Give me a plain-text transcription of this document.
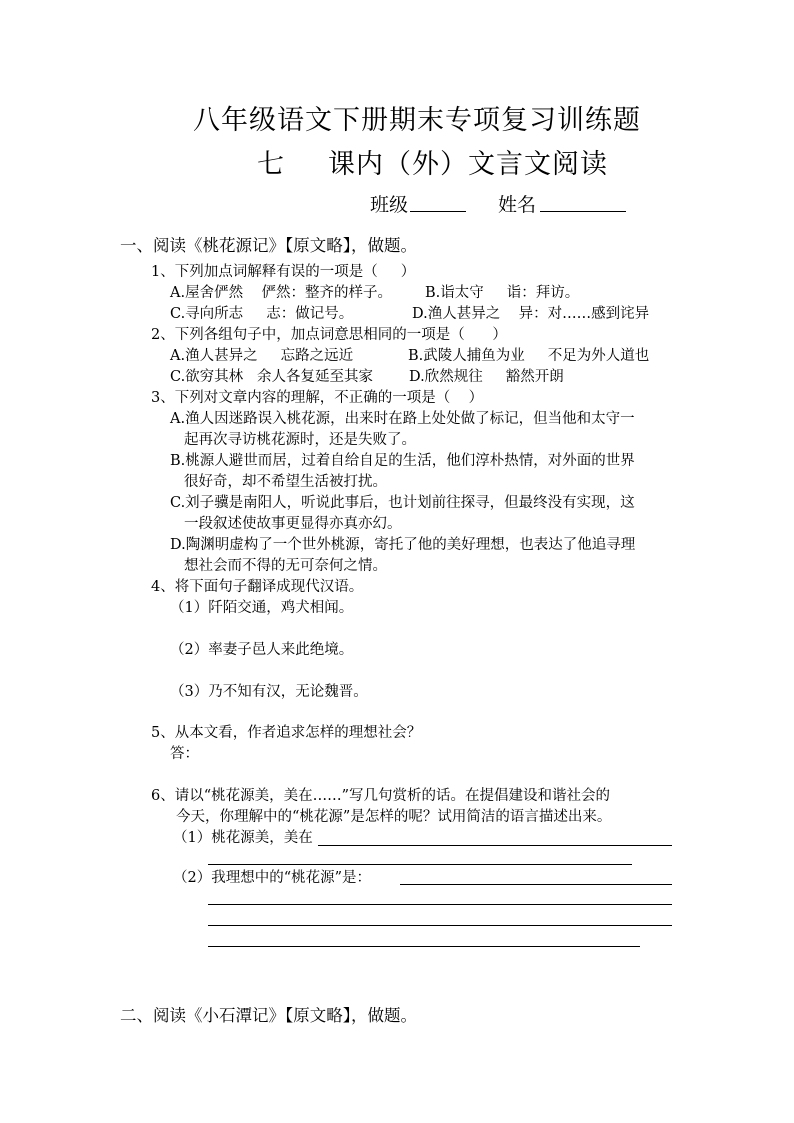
八年级语文下册期末专项复习训练题
七 课内（外）文言文阅读
班级	姓名
一、阅读《桃花源记》【原文略】，做题。
1、下列加点词解释有误的一项是（     ）
A.屋舍俨然    俨然：整齐的样子。 B.诣太守     诣：拜访。
C.寻向所志     志：做记号。	D.渔人甚异之    异：对……感到诧异
2、下列各组句子中，加点词意思相同的一项是（      ）
A.渔人甚异之     忘路之远近	B.武陵人捕鱼为业     不足为外人道也
C.欲穷其林   余人各复延至其家 D.欣然规往     豁然开朗
3、下列对文章内容的理解，不正确的一项是（    ）
A.渔人因迷路误入桃花源，出来时在路上处处做了标记，但当他和太守一
起再次寻访桃花源时，还是失败了。
B.桃源人避世而居，过着自给自足的生活，他们淳朴热情，对外面的世界
很好奇，却不希望生活被打扰。
C.刘子骥是南阳人，听说此事后，也计划前往探寻，但最终没有实现，这
一段叙述使故事更显得亦真亦幻。
D.陶渊明虚构了一个世外桃源，寄托了他的美好理想，也表达了他追寻理
想社会而不得的无可奈何之情。
4、将下面句子翻译成现代汉语。
（1）阡陌交通，鸡犬相闻。
（2）率妻子邑人来此绝境。
（3）乃不知有汉，无论魏晋。
5、从本文看，作者追求怎样的理想社会？
答：
6、请以“桃花源美，美在……”写几句赏析的话。在提倡建设和谐社会的
今天，你理解中的“桃花源”是怎样的呢？试用简洁的语言描述出来。
（1）桃花源美，美在
（2）我理想中的“桃花源”是：
二、阅读《小石潭记》【原文略】，做题。
